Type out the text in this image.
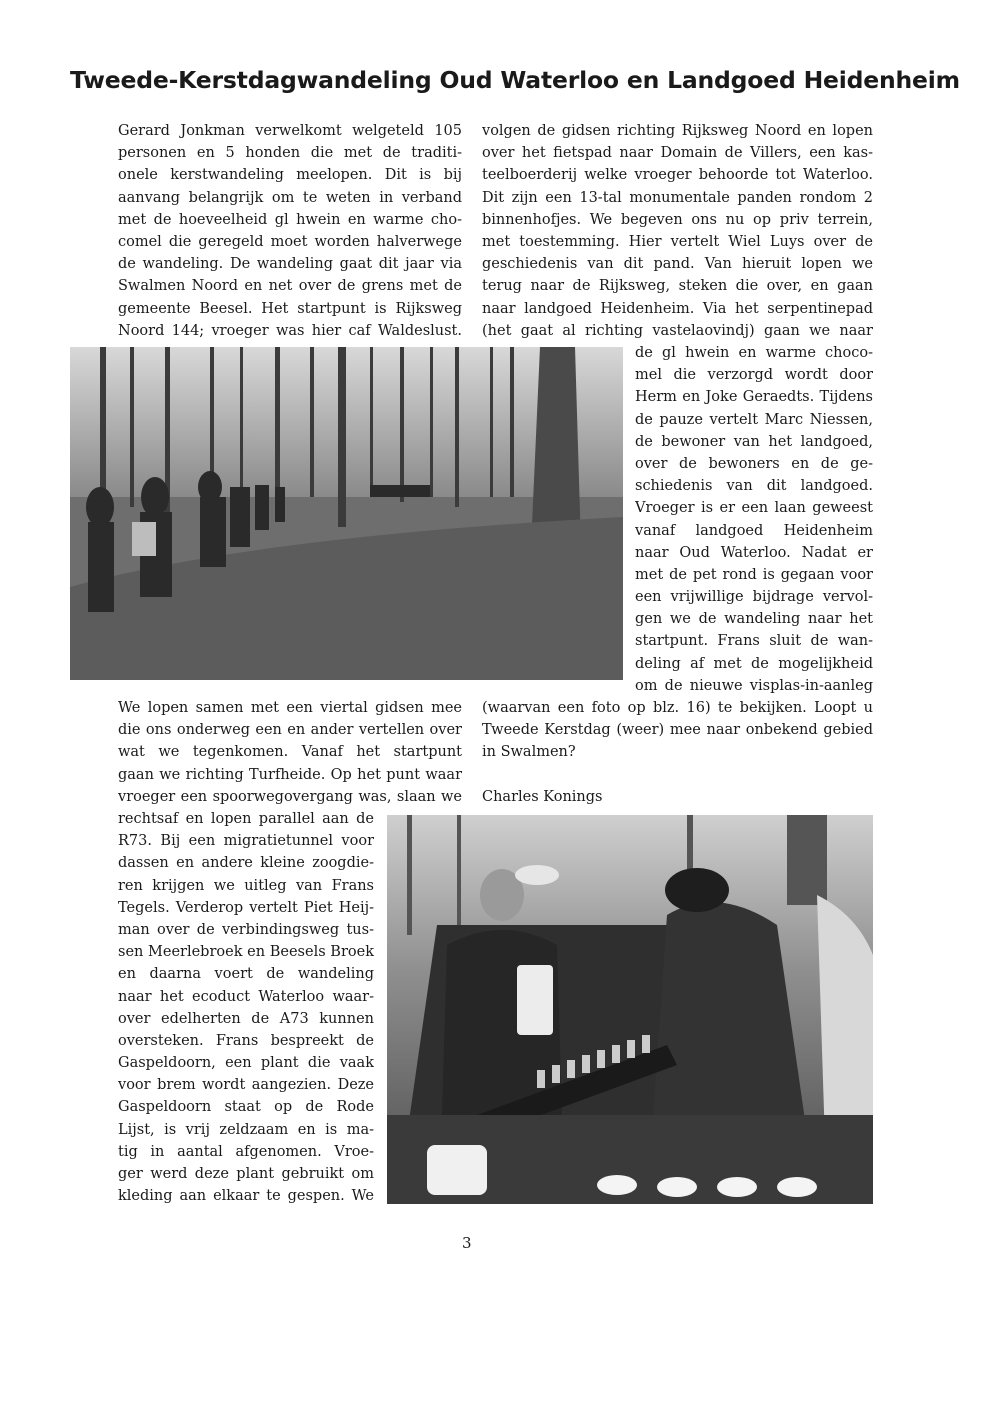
Tweede-Kerstdagwandeling Oud Waterloo en Landgoed Heidenheim
Gerard Jonkman verwelkomt welgeteld 105
personen en 5 honden die met de traditi-
onele kerstwandeling meelopen. Dit is bij
aanvang belangrijk om te weten in verband
met de hoeveelheid gl hwein en warme cho-
comel die geregeld moet worden halverwege
de wandeling. De wandeling gaat dit jaar via
Swalmen Noord en net over de grens met de
gemeente Beesel. Het startpunt is Rijksweg
Noord 144; vroeger was hier caf Waldeslust.
volgen de gidsen richting Rijksweg Noord en lopen
over het fietspad naar Domain de Villers, een kas-
teelboerderij welke vroeger behoorde tot Waterloo.
Dit zijn een 13-tal monumentale panden rondom 2
binnenhofjes. We begeven ons nu op priv terrein,
met toestemming. Hier vertelt Wiel Luys over de
geschiedenis van dit pand. Van hieruit lopen we
terug naar de Rijksweg, steken die over, en gaan
naar landgoed Heidenheim. Via het serpentinepad
(het gaat al richting vastelaovindj) gaan we naar
de gl hwein en warme choco-
mel die verzorgd wordt door
Herm en Joke Geraedts. Tijdens
de pauze vertelt Marc Niessen,
de bewoner van het landgoed,
over de bewoners en de ge-
schiedenis van dit landgoed.
Vroeger is er een laan geweest
vanaf landgoed Heidenheim
naar Oud Waterloo. Nadat er
met de pet rond is gegaan voor
een vrijwillige bijdrage vervol-
gen we de wandeling naar het
startpunt. Frans sluit de wan-
deling af met de mogelijkheid
om de nieuwe visplas-in-aanleg
(waarvan een foto op blz. 16) te bekijken. Loopt u
Tweede Kerstdag (weer) mee naar onbekend gebied
in Swalmen?
We lopen samen met een viertal gidsen mee
die ons onderweg een en ander vertellen over
wat we tegenkomen. Vanaf het startpunt
gaan we richting Turfheide. Op het punt waar
vroeger een spoorwegovergang was, slaan we Charles Konings
rechtsaf en lopen parallel aan de
R73. Bij een migratietunnel voor
dassen en andere kleine zoogdie-
ren krijgen we uitleg van Frans
Tegels. Verderop vertelt Piet Heij-
man over de verbindingsweg tus-
sen Meerlebroek en Beesels Broek
en daarna voert de wandeling
naar het ecoduct Waterloo waar-
over edelherten de A73 kunnen
oversteken. Frans bespreekt de
Gaspeldoorn, een plant die vaak
voor brem wordt aangezien. Deze
Gaspeldoorn staat op de Rode
Lijst, is vrij zeldzaam en is ma-
tig in aantal afgenomen. Vroe-
ger werd deze plant gebruikt om
kleding aan elkaar te gespen. We
3
